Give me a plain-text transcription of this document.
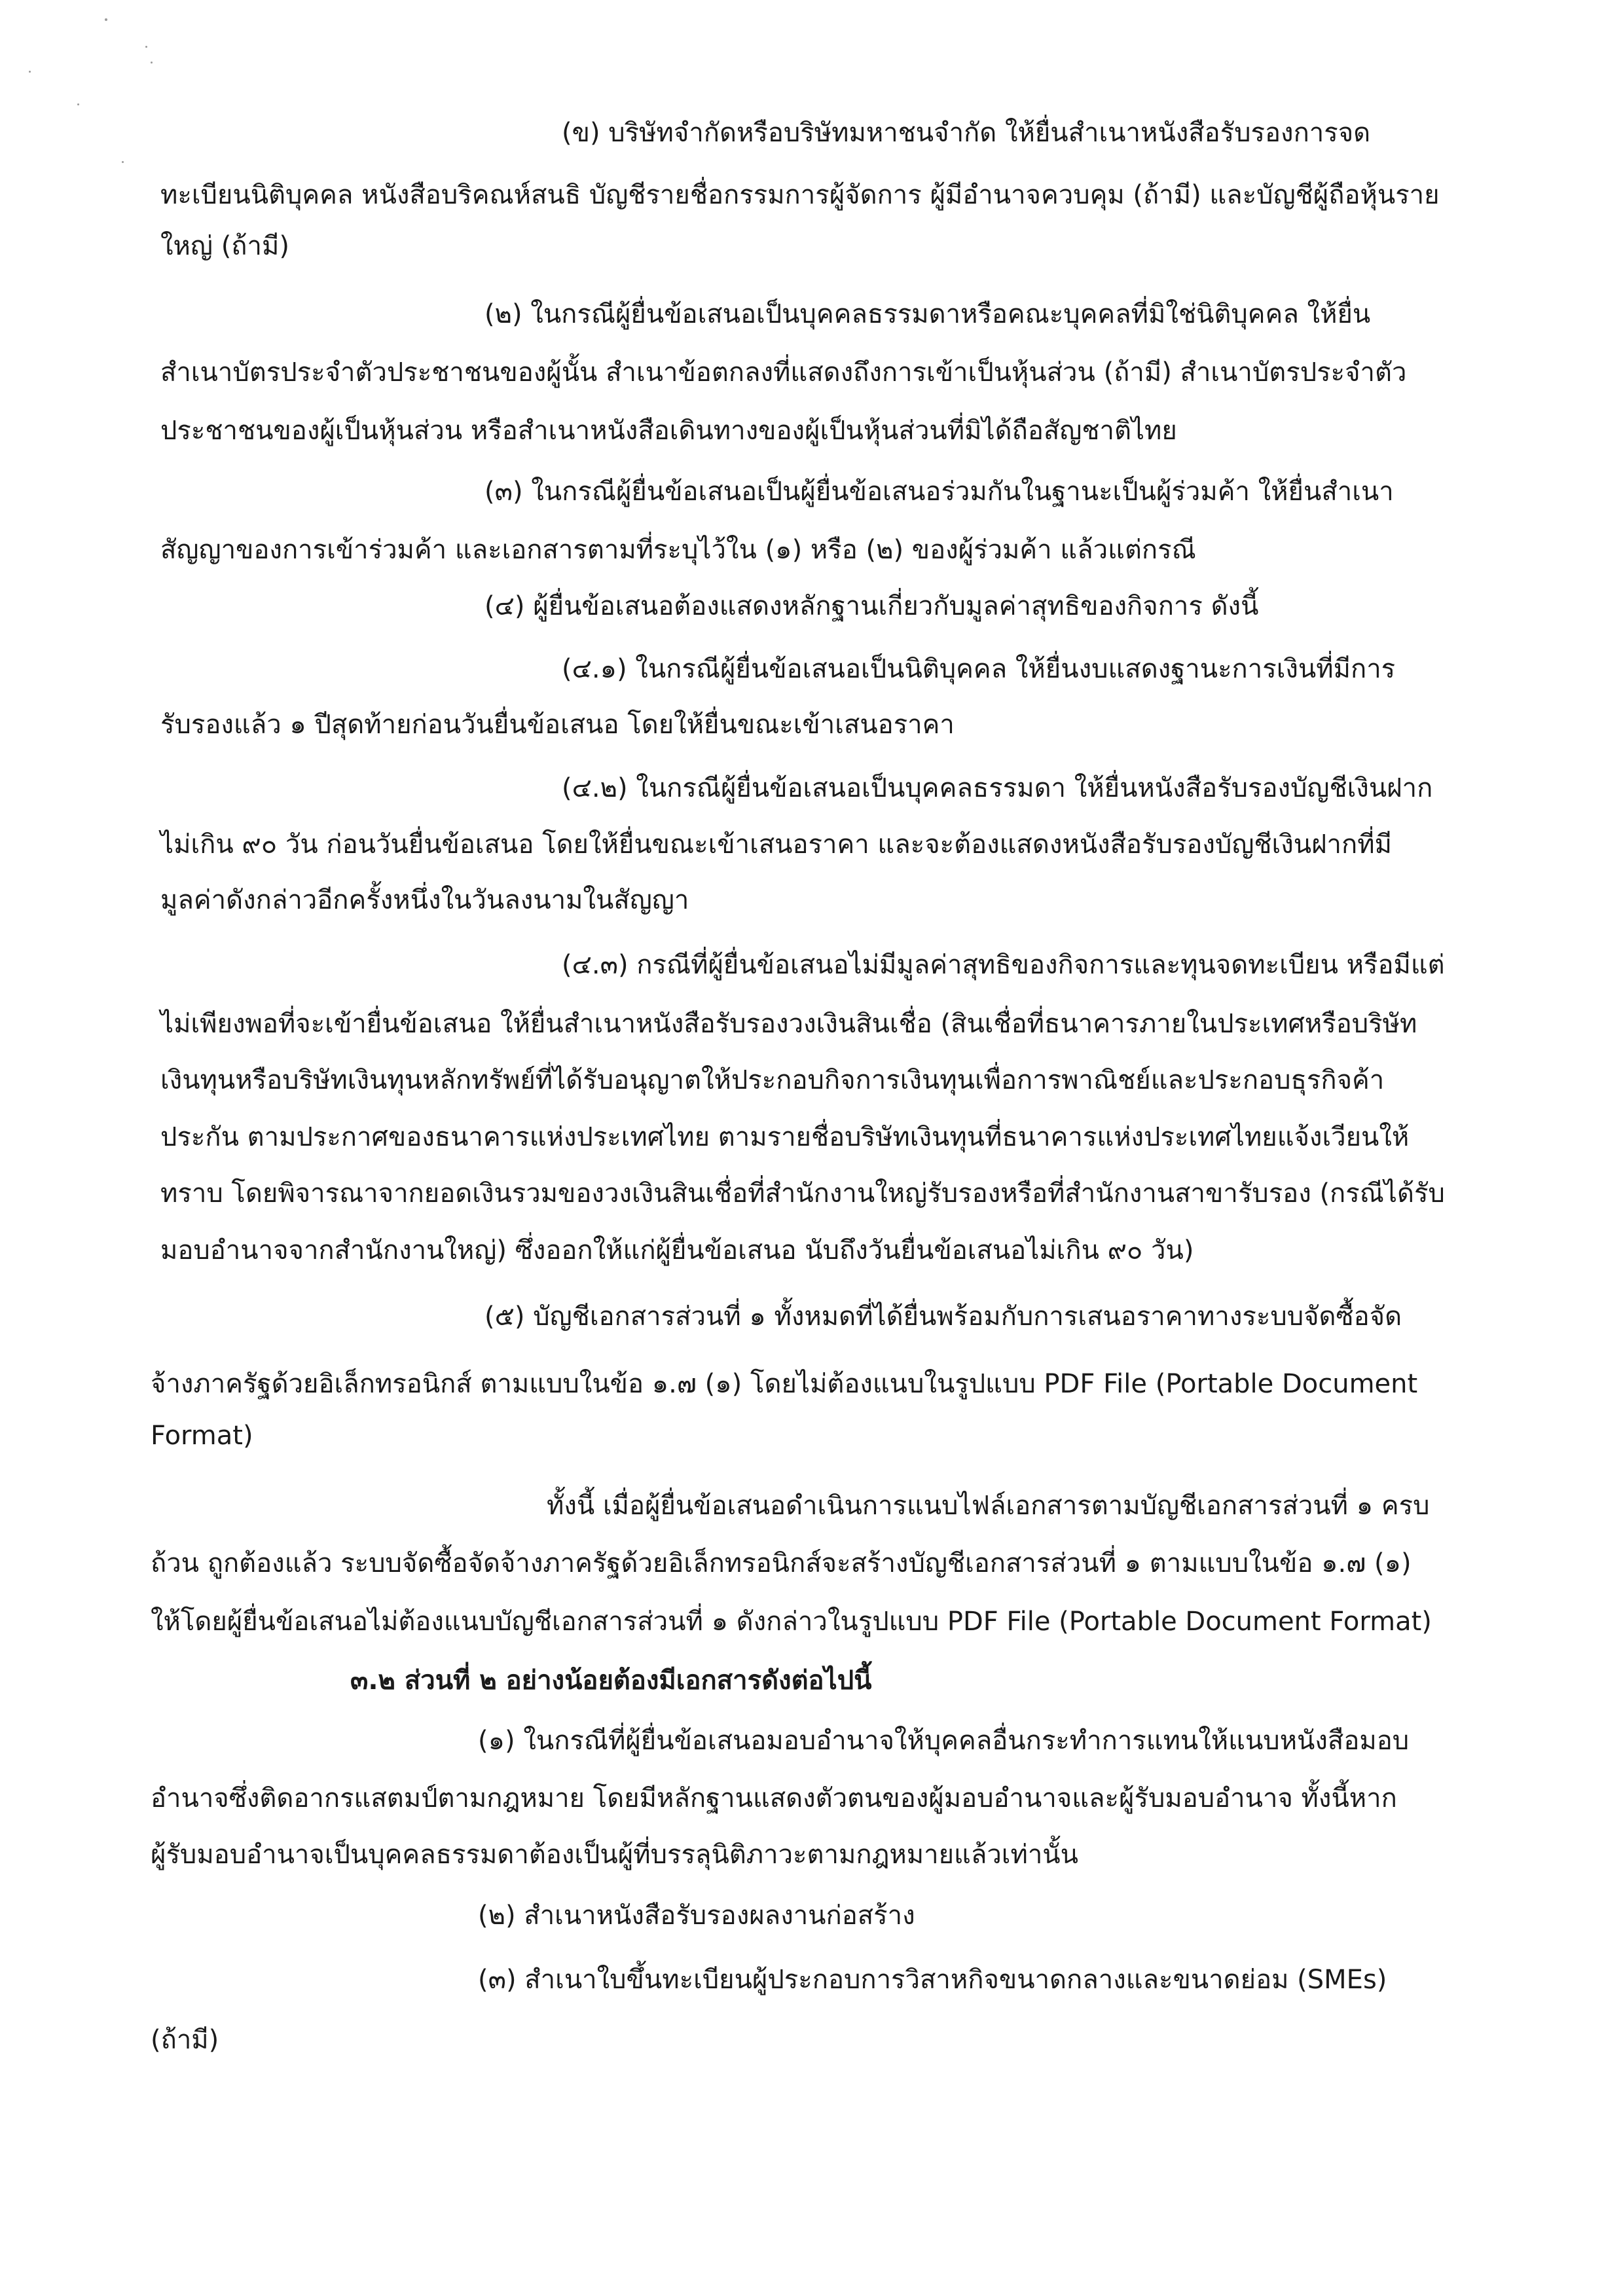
(ข) บริษัทจำกัดหรือบริษัทมหาชนจำกัด ให้ยื่นสำเนาหนังสือรับรองการจด
ทะเบียนนิติบุคคล หนังสือบริคณห์สนธิ บัญชีรายชื่อกรรมการผู้จัดการ ผู้มีอำนาจควบคุม (ถ้ามี) และบัญชีผู้ถือหุ้นราย
ใหญ่ (ถ้ามี)
(๒) ในกรณีผู้ยื่นข้อเสนอเป็นบุคคลธรรมดาหรือคณะบุคคลที่มิใช่นิติบุคคล ให้ยื่น
สำเนาบัตรประจำตัวประชาชนของผู้นั้น สำเนาข้อตกลงที่แสดงถึงการเข้าเป็นหุ้นส่วน (ถ้ามี) สำเนาบัตรประจำตัว
ประชาชนของผู้เป็นหุ้นส่วน หรือสำเนาหนังสือเดินทางของผู้เป็นหุ้นส่วนที่มิได้ถือสัญชาติไทย
(๓) ในกรณีผู้ยื่นข้อเสนอเป็นผู้ยื่นข้อเสนอร่วมกันในฐานะเป็นผู้ร่วมค้า ให้ยื่นสำเนา
สัญญาของการเข้าร่วมค้า และเอกสารตามที่ระบุไว้ใน (๑) หรือ (๒) ของผู้ร่วมค้า แล้วแต่กรณี
(๔) ผู้ยื่นข้อเสนอต้องแสดงหลักฐานเกี่ยวกับมูลค่าสุทธิของกิจการ ดังนี้
(๔.๑) ในกรณีผู้ยื่นข้อเสนอเป็นนิติบุคคล ให้ยื่นงบแสดงฐานะการเงินที่มีการ
รับรองแล้ว ๑ ปีสุดท้ายก่อนวันยื่นข้อเสนอ โดยให้ยื่นขณะเข้าเสนอราคา
(๔.๒) ในกรณีผู้ยื่นข้อเสนอเป็นบุคคลธรรมดา ให้ยื่นหนังสือรับรองบัญชีเงินฝาก
ไม่เกิน ๙๐ วัน ก่อนวันยื่นข้อเสนอ โดยให้ยื่นขณะเข้าเสนอราคา และจะต้องแสดงหนังสือรับรองบัญชีเงินฝากที่มี
มูลค่าดังกล่าวอีกครั้งหนึ่งในวันลงนามในสัญญา
(๔.๓) กรณีที่ผู้ยื่นข้อเสนอไม่มีมูลค่าสุทธิของกิจการและทุนจดทะเบียน หรือมีแต่
ไม่เพียงพอที่จะเข้ายื่นข้อเสนอ ให้ยื่นสำเนาหนังสือรับรองวงเงินสินเชื่อ (สินเชื่อที่ธนาคารภายในประเทศหรือบริษัท
เงินทุนหรือบริษัทเงินทุนหลักทรัพย์ที่ได้รับอนุญาตให้ประกอบกิจการเงินทุนเพื่อการพาณิชย์และประกอบธุรกิจค้า
ประกัน ตามประกาศของธนาคารแห่งประเทศไทย ตามรายชื่อบริษัทเงินทุนที่ธนาคารแห่งประเทศไทยแจ้งเวียนให้
ทราบ โดยพิจารณาจากยอดเงินรวมของวงเงินสินเชื่อที่สำนักงานใหญ่รับรองหรือที่สำนักงานสาขารับรอง (กรณีได้รับ
มอบอำนาจจากสำนักงานใหญ่) ซึ่งออกให้แก่ผู้ยื่นข้อเสนอ นับถึงวันยื่นข้อเสนอไม่เกิน ๙๐ วัน)
(๕) บัญชีเอกสารส่วนที่ ๑ ทั้งหมดที่ได้ยื่นพร้อมกับการเสนอราคาทางระบบจัดซื้อจัด
จ้างภาครัฐด้วยอิเล็กทรอนิกส์ ตามแบบในข้อ ๑.๗ (๑) โดยไม่ต้องแนบในรูปแบบ PDF File (Portable Document
Format)
ทั้งนี้ เมื่อผู้ยื่นข้อเสนอดำเนินการแนบไฟล์เอกสารตามบัญชีเอกสารส่วนที่ ๑ ครบ
ถ้วน ถูกต้องแล้ว ระบบจัดซื้อจัดจ้างภาครัฐด้วยอิเล็กทรอนิกส์จะสร้างบัญชีเอกสารส่วนที่ ๑ ตามแบบในข้อ ๑.๗ (๑)
ให้โดยผู้ยื่นข้อเสนอไม่ต้องแนบบัญชีเอกสารส่วนที่ ๑ ดังกล่าวในรูปแบบ PDF File (Portable Document Format)
๓.๒ ส่วนที่ ๒ อย่างน้อยต้องมีเอกสารดังต่อไปนี้
(๑) ในกรณีที่ผู้ยื่นข้อเสนอมอบอำนาจให้บุคคลอื่นกระทำการแทนให้แนบหนังสือมอบ
อำนาจซึ่งติดอากรแสตมป์ตามกฎหมาย โดยมีหลักฐานแสดงตัวตนของผู้มอบอำนาจและผู้รับมอบอำนาจ ทั้งนี้หาก
ผู้รับมอบอำนาจเป็นบุคคลธรรมดาต้องเป็นผู้ที่บรรลุนิติภาวะตามกฎหมายแล้วเท่านั้น
(๒) สำเนาหนังสือรับรองผลงานก่อสร้าง
(๓) สำเนาใบขึ้นทะเบียนผู้ประกอบการวิสาหกิจขนาดกลางและขนาดย่อม (SMEs)
(ถ้ามี)
